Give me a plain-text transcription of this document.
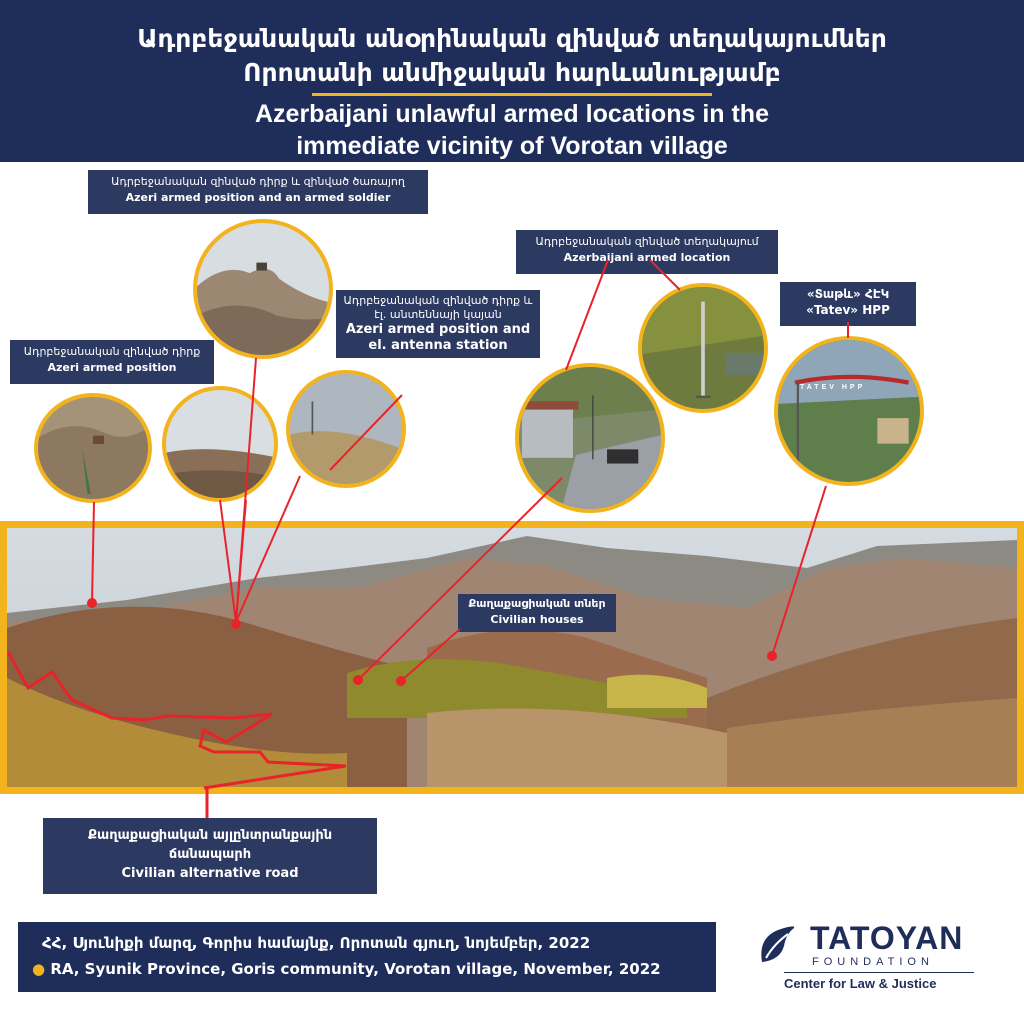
Ադրբեջանական անօրինական զինված տեղակայումներ
Որոտանի անմիջական հարևանությամբ
Azerbaijani unlawful armed locations in the
immediate vicinity of Vorotan village
Ադրբեջանական զինված դիրք և զինված ծառայող
Azeri armed position and an armed soldier
Ադրբեջանական զինված դիրք և էլ. անտեննայի կայան
Azeri armed position and
el. antenna station
Ադրբեջանական զինված դիրք
Azeri armed position
Ադրբեջանական զինված տեղակայում
Azerbaijani armed location
«Տաթև» ՀԷԿ
«Tatev» HPP
TATEV HPP
Քաղաքացիական տներ
Civilian houses
Քաղաքացիական այլընտրանքային
ճանապարհ
Civilian alternative road
ՀՀ, Սյունիքի մարզ, Գորիս համայնք, Որոտան գյուղ, նոյեմբեր, 2022
● RA, Syunik Province, Goris community, Vorotan village, November, 2022
TATOYAN
FOUNDATION
Center for Law & Justice
